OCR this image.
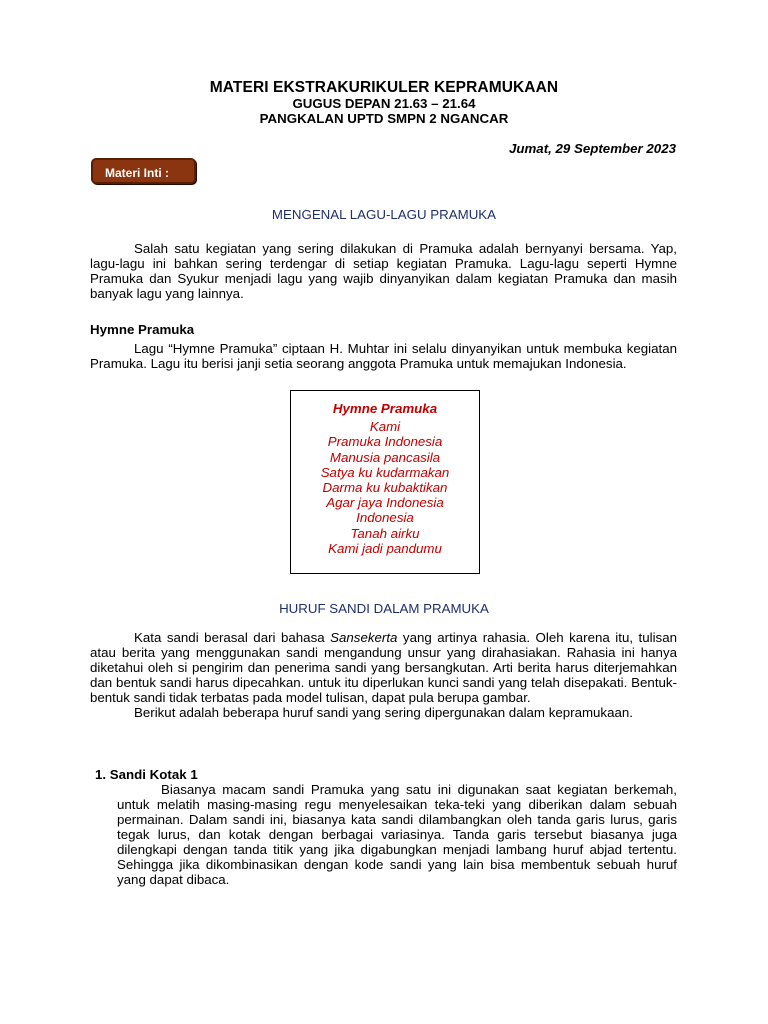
MATERI EKSTRAKURIKULER KEPRAMUKAAN
GUGUS DEPAN 21.63 – 21.64
PANGKALAN UPTD SMPN 2 NGANCAR
Jumat, 29 September 2023
Materi Inti :
MENGENAL LAGU-LAGU PRAMUKA

Salah satu kegiatan yang sering dilakukan di Pramuka adalah bernyanyi bersama. Yap, lagu-lagu ini bahkan sering terdengar di setiap kegiatan Pramuka. Lagu-lagu seperti Hymne Pramuka dan Syukur menjadi lagu yang wajib dinyanyikan dalam kegiatan Pramuka dan masih banyak lagu yang lainnya.

Hymne Pramuka

Lagu “Hymne Pramuka” ciptaan H. Muhtar ini selalu dinyanyikan untuk membuka kegiatan Pramuka. Lagu itu berisi janji setia seorang anggota Pramuka untuk memajukan Indonesia.

Hymne Pramuka
Kami
Pramuka Indonesia
Manusia pancasila
Satya ku kudarmakan
Darma ku kubaktikan
Agar jaya Indonesia
Indonesia
Tanah airku
Kami jadi pandumu
HURUF SANDI DALAM PRAMUKA

Kata sandi berasal dari bahasa Sansekerta yang artinya rahasia. Oleh karena itu, tulisan atau berita yang menggunakan sandi mengandung unsur yang dirahasiakan. Rahasia ini hanya diketahui oleh si pengirim dan penerima sandi yang bersangkutan. Arti berita harus diterjemahkan dan bentuk sandi harus dipecahkan. untuk itu diperlukan kunci sandi yang telah disepakati. Bentuk-bentuk sandi tidak terbatas pada model tulisan, dapat pula berupa gambar.

Berikut adalah beberapa huruf sandi yang sering dipergunakan dalam kepramukaan.

1. Sandi Kotak 1

Biasanya macam sandi Pramuka yang satu ini digunakan saat kegiatan berkemah, untuk melatih masing-masing regu menyelesaikan teka-teki yang diberikan dalam sebuah permainan. Dalam sandi ini, biasanya kata sandi dilambangkan oleh tanda garis lurus, garis tegak lurus, dan kotak dengan berbagai variasinya. Tanda garis tersebut biasanya juga dilengkapi dengan tanda titik yang jika digabungkan menjadi lambang huruf abjad tertentu. Sehingga jika dikombinasikan dengan kode sandi yang lain bisa membentuk sebuah huruf yang dapat dibaca.
